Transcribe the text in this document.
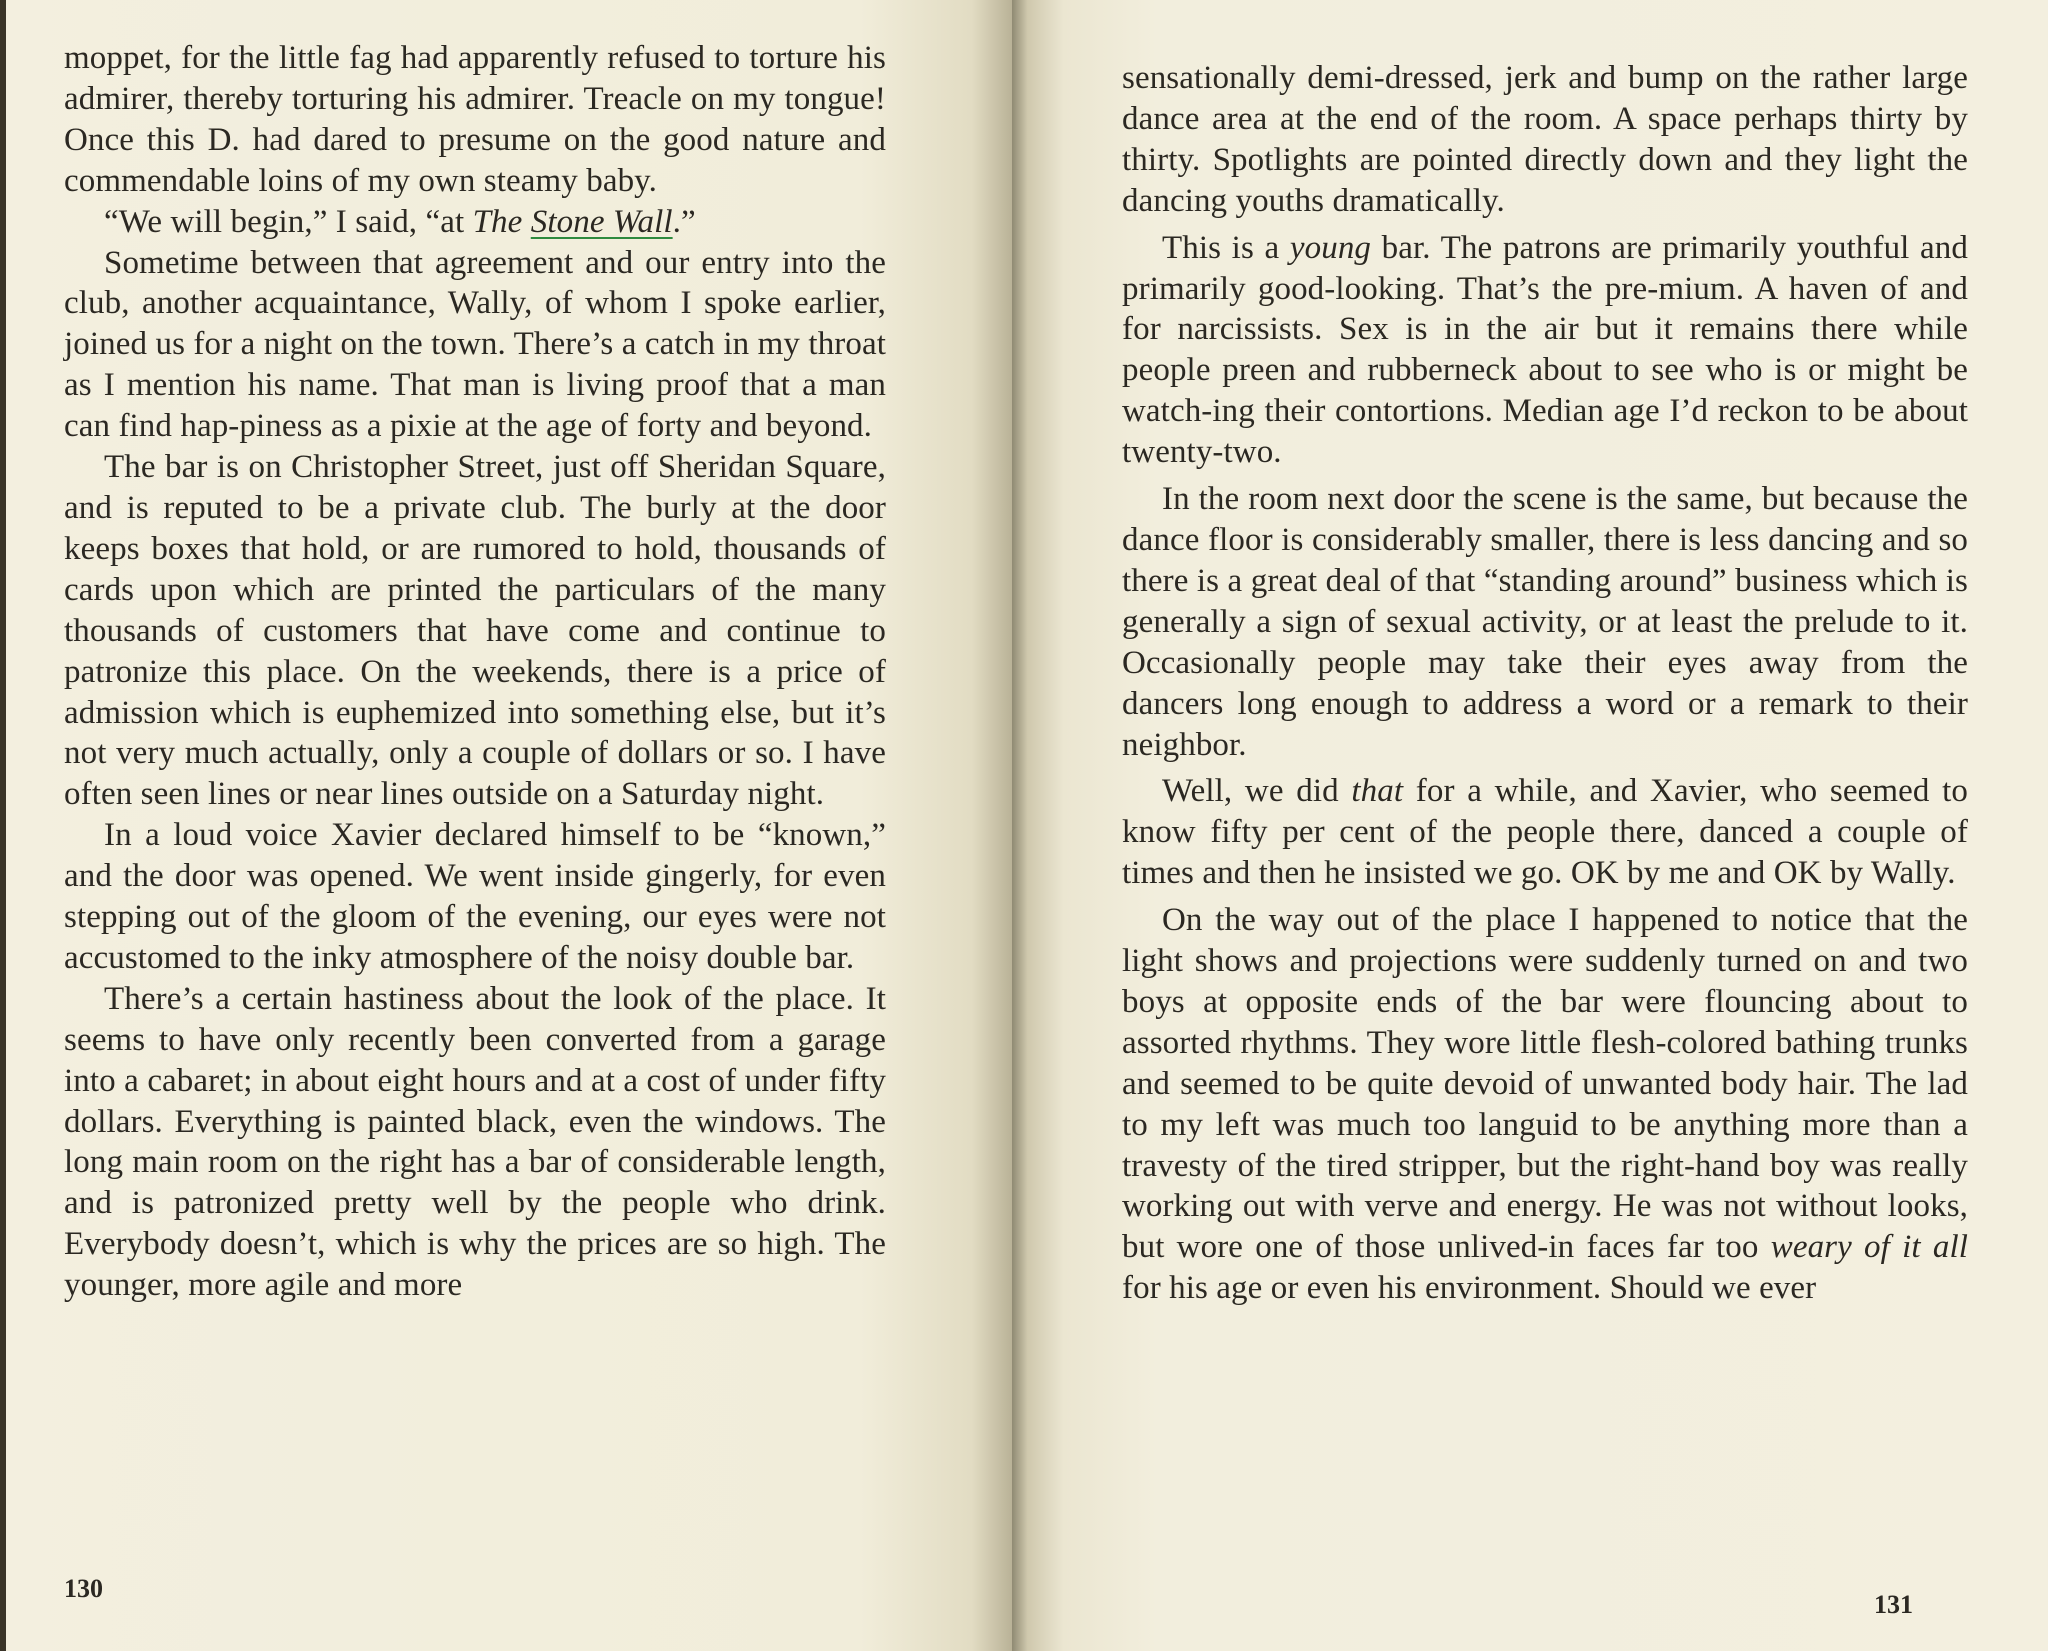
moppet, for the little fag had apparently refused to torture his admirer, thereby torturing his admirer. Treacle on my tongue! Once this D. had dared to presume on the good nature and commendable loins of my own steamy baby.

“We will begin,” I said, “at The Stone Wall.”

Sometime between that agreement and our entry into the club, another acquaintance, Wally, of whom I spoke earlier, joined us for a night on the town. There’s a catch in my throat as I mention his name. That man is living proof that a man can find hap-piness as a pixie at the age of forty and beyond.

The bar is on Christopher Street, just off Sheridan Square, and is reputed to be a private club. The burly at the door keeps boxes that hold, or are rumored to hold, thousands of cards upon which are printed the particulars of the many thousands of customers that have come and continue to patronize this place. On the weekends, there is a price of admission which is euphemized into something else, but it’s not very much actually, only a couple of dollars or so. I have often seen lines or near lines outside on a Saturday night.

In a loud voice Xavier declared himself to be “known,” and the door was opened. We went inside gingerly, for even stepping out of the gloom of the evening, our eyes were not accustomed to the inky atmosphere of the noisy double bar.

There’s a certain hastiness about the look of the place. It seems to have only recently been converted from a garage into a cabaret; in about eight hours and at a cost of under fifty dollars. Everything is painted black, even the windows. The long main room on the right has a bar of considerable length, and is patronized pretty well by the people who drink. Everybody doesn’t, which is why the prices are so high. The younger, more agile and more

130

sensationally demi-dressed, jerk and bump on the rather large dance area at the end of the room. A space perhaps thirty by thirty. Spotlights are pointed directly down and they light the dancing youths dramatically.

This is a young bar. The patrons are primarily youthful and primarily good-looking. That’s the pre-mium. A haven of and for narcissists. Sex is in the air but it remains there while people preen and rubberneck about to see who is or might be watch-ing their contortions. Median age I’d reckon to be about twenty-two.

In the room next door the scene is the same, but because the dance floor is considerably smaller, there is less dancing and so there is a great deal of that “standing around” business which is generally a sign of sexual activity, or at least the prelude to it. Occasionally people may take their eyes away from the dancers long enough to address a word or a remark to their neighbor.

Well, we did that for a while, and Xavier, who seemed to know fifty per cent of the people there, danced a couple of times and then he insisted we go. OK by me and OK by Wally.

On the way out of the place I happened to notice that the light shows and projections were suddenly turned on and two boys at opposite ends of the bar were flouncing about to assorted rhythms. They wore little flesh-colored bathing trunks and seemed to be quite devoid of unwanted body hair. The lad to my left was much too languid to be anything more than a travesty of the tired stripper, but the right-hand boy was really working out with verve and energy. He was not without looks, but wore one of those unlived-in faces far too weary of it all for his age or even his environment. Should we ever

131
